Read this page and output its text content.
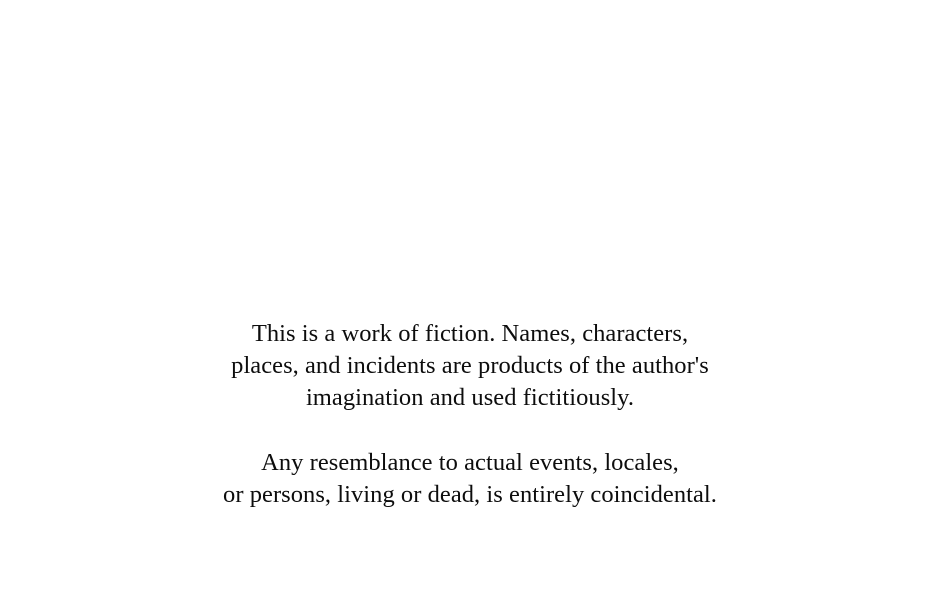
This is a work of fiction. Names, characters,
places, and incidents are products of the author's
imagination and used fictitiously.
Any resemblance to actual events, locales,
or persons, living or dead, is entirely coincidental.
